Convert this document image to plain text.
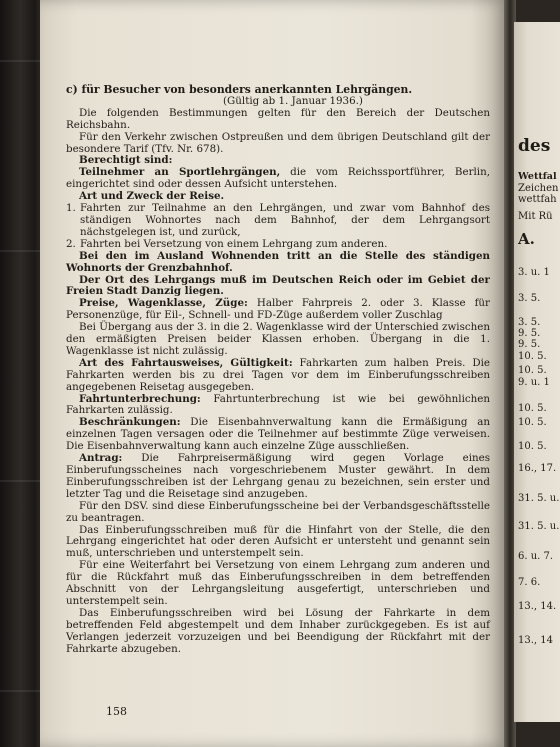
des
Wettfal
Zeichen
wettfah
Mit Rü
A.
3. u. 1
3. 5.
3. 5.
9. 5.
9. 5.
10. 5.
10. 5.
9. u. 1
10. 5.
10. 5.
10. 5.
16., 17.
31. 5. u.
31. 5. u.
6. u. 7.
7. 6.
13., 14.
13., 14

c) für Besucher von besonders anerkannten Lehrgängen.

(Gültig ab 1. Januar 1936.)

Die folgenden Bestimmungen gelten für den Bereich der Deutschen Reichsbahn.

Für den Verkehr zwischen Ostpreußen und dem übrigen Deutschland gilt der besondere Tarif (Tfv. Nr. 678).

Berechtigt sind:

Teilnehmer an Sportlehrgängen, die vom Reichssportführer, Berlin, eingerichtet sind oder dessen Aufsicht unterstehen.

Art und Zweck der Reise.

1. Fahrten zur Teilnahme an den Lehrgängen, und zwar vom Bahnhof des ständigen Wohnortes nach dem Bahnhof, der dem Lehrgangsort nächstgelegen ist, und zurück,
2. Fahrten bei Versetzung von einem Lehrgang zum anderen.

Bei den im Ausland Wohnenden tritt an die Stelle des ständigen Wohnorts der Grenzbahnhof.

Der Ort des Lehrgangs muß im Deutschen Reich oder im Gebiet der Freien Stadt Danzig liegen.

Preise, Wagenklasse, Züge: Halber Fahrpreis 2. oder 3. Klasse für Personenzüge, für Eil-, Schnell- und FD-Züge außerdem voller Zuschlag

Bei Übergang aus der 3. in die 2. Wagenklasse wird der Unterschied zwischen den ermäßigten Preisen beider Klassen erhoben. Übergang in die 1. Wagenklasse ist nicht zulässig.

Art des Fahrtausweises, Gültigkeit: Fahrkarten zum halben Preis. Die Fahrkarten werden bis zu drei Tagen vor dem im Einberufungsschreiben angegebenen Reisetag ausgegeben.

Fahrtunterbrechung: Fahrtunterbrechung ist wie bei gewöhnlichen Fahrkarten zulässig.

Beschränkungen: Die Eisenbahnverwaltung kann die Ermäßigung an einzelnen Tagen versagen oder die Teilnehmer auf bestimmte Züge verweisen. Die Eisenbahnverwaltung kann auch einzelne Züge ausschließen.

Antrag: Die Fahrpreisermäßigung wird gegen Vorlage eines Einberufungsscheines nach vorgeschriebenem Muster gewährt. In dem Einberufungsschreiben ist der Lehrgang genau zu bezeichnen, sein erster und letzter Tag und die Reisetage sind anzugeben.

Für den DSV. sind diese Einberufungsscheine bei der Verbandsgeschäftsstelle zu beantragen.

Das Einberufungsschreiben muß für die Hinfahrt von der Stelle, die den Lehrgang eingerichtet hat oder deren Aufsicht er untersteht und genannt sein muß, unterschrieben und unterstempelt sein.

Für eine Weiterfahrt bei Versetzung von einem Lehrgang zum anderen und für die Rückfahrt muß das Einberufungsschreiben in dem betreffenden Abschnitt von der Lehrgangsleitung ausgefertigt, unterschrieben und unterstempelt sein.

Das Einberufungsschreiben wird bei Lösung der Fahrkarte in dem betreffenden Feld abgestempelt und dem Inhaber zurückgegeben. Es ist auf Verlangen jederzeit vorzuzeigen und bei Beendigung der Rückfahrt mit der Fahrkarte abzugeben.

158
